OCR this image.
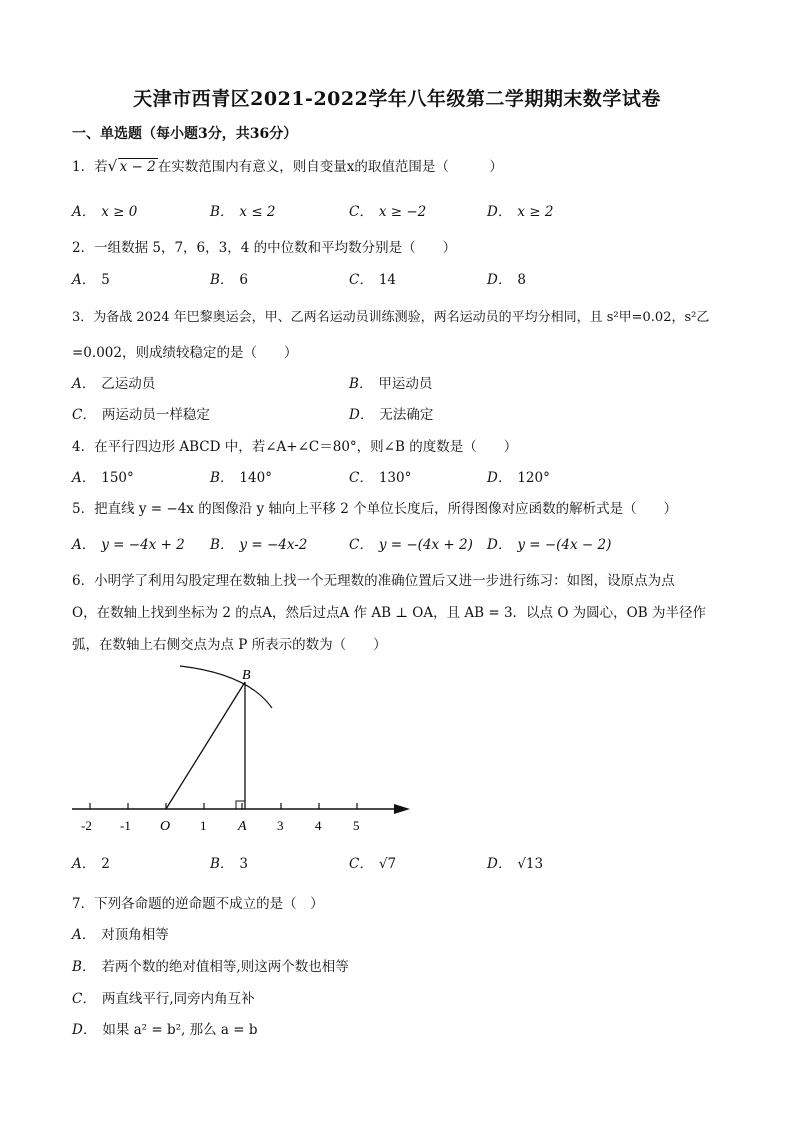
天津市西青区2021-2022学年八年级第二学期期末数学试卷
一、单选题（每小题3分，共36分）
1．若 √ x − 2 在实数范围内有意义，则自变量x的取值范围是（　　　）
A． x ≥ 0	B． x ≤ 2	C． x ≥ −2	D． x ≥ 2
2．一组数据 5，7，6，3，4 的中位数和平均数分别是（　　）
A． 5	B． 6	C． 14	D． 8
3．为备战 2024 年巴黎奥运会，甲、乙两名运动员训练测验，两名运动员的平均分相同，且 s²甲=0.02，s²乙
=0.002，则成绩较稳定的是（　　）
A． 乙运动员	B． 甲运动员
C． 两运动员一样稳定	D． 无法确定
4．在平行四边形 ABCD 中，若∠A+∠C＝80°，则∠B 的度数是（　　）
A． 150°	B． 140°	C． 130°	D． 120°
5．把直线 y = −4x 的图像沿 y 轴向上平移 2 个单位长度后，所得图像对应函数的解析式是（　　）
A． y = −4x + 2 B． y = −4x-2	C． y = −(4x + 2) D． y = −(4x − 2)
6．小明学了利用勾股定理在数轴上找一个无理数的准确位置后又进一步进行练习：如图，设原点为点
O，在数轴上找到坐标为 2 的点A，然后过点A 作 AB ⊥ OA，且 AB = 3．以点 O 为圆心，OB 为半径作
弧，在数轴上右侧交点为点 P 所表示的数为（　　）
B
-2 -1 O 1 A 3 4 5
A． 2	B． 3	C． √7	D． √13
7．下列各命题的逆命题不成立的是（　）
A． 对顶角相等
B． 若两个数的绝对值相等,则这两个数也相等
C． 两直线平行,同旁内角互补
D． 如果 a² = b², 那么 a = b
